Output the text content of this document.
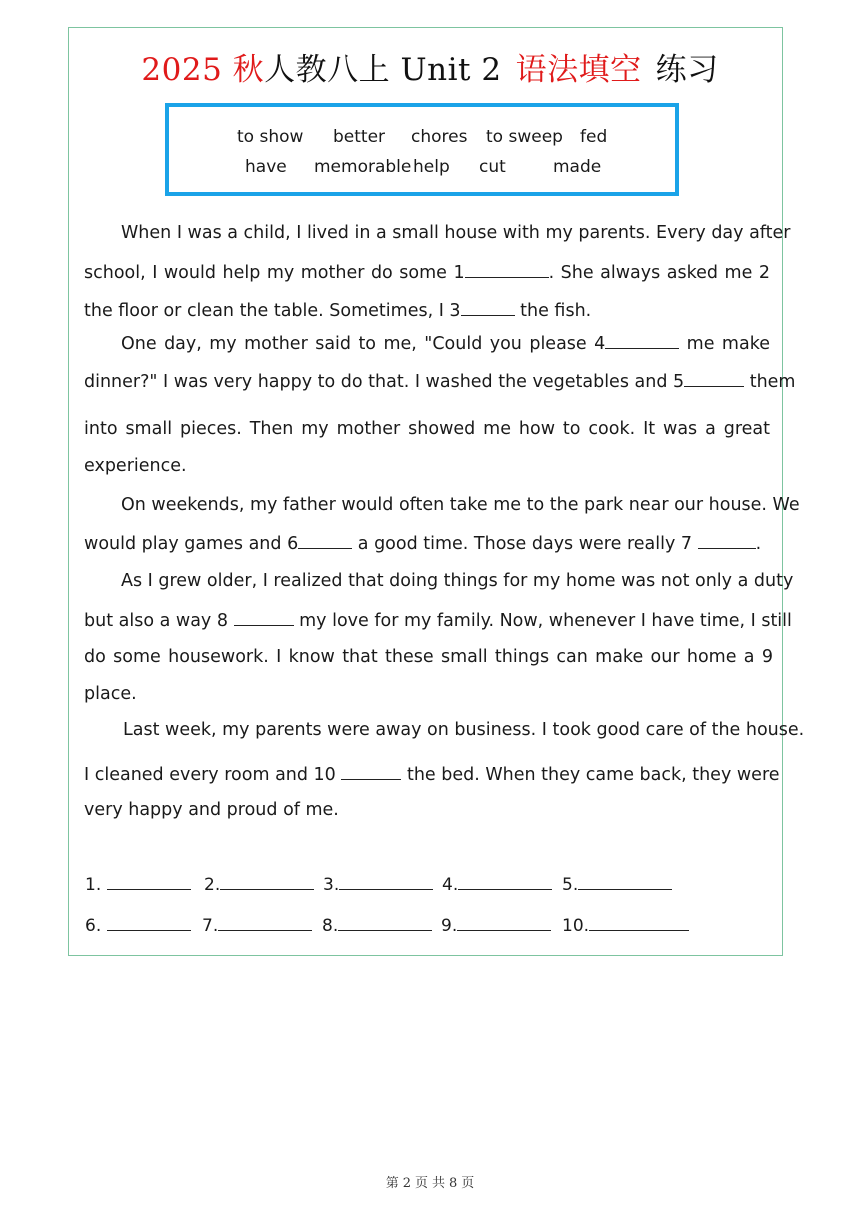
2025 秋人教八上 Unit 2 语法填空 练习
to show better chores to sweep fed
have memorable help cut	made
When I was a child, I lived in a small house with my parents. Every day after
school, I would help my mother do some 1	. She always asked me 2
the floor or clean the table. Sometimes, I 3	the fish.
One day, my mother said to me, "Could you please 4	me make
dinner?" I was very happy to do that. I washed the vegetables and 5	them
into small pieces. Then my mother showed me how to cook. It was a great
experience.
On weekends, my father would often take me to the park near our house. We
would play games and 6	a good time. Those days were really 7	.
As I grew older, I realized that doing things for my home was not only a duty
but also a way 8	my love for my family. Now, whenever I have time, I still
do some housework. I know that these small things can make our home a 9
place.
Last week, my parents were away on business. I took good care of the house.
I cleaned every room and 10	the bed. When they came back, they were
very happy and proud of me.
1.	2.	3.	4.	5.
6.	7.	8.	9.	10.
第 2 页 共 8 页
